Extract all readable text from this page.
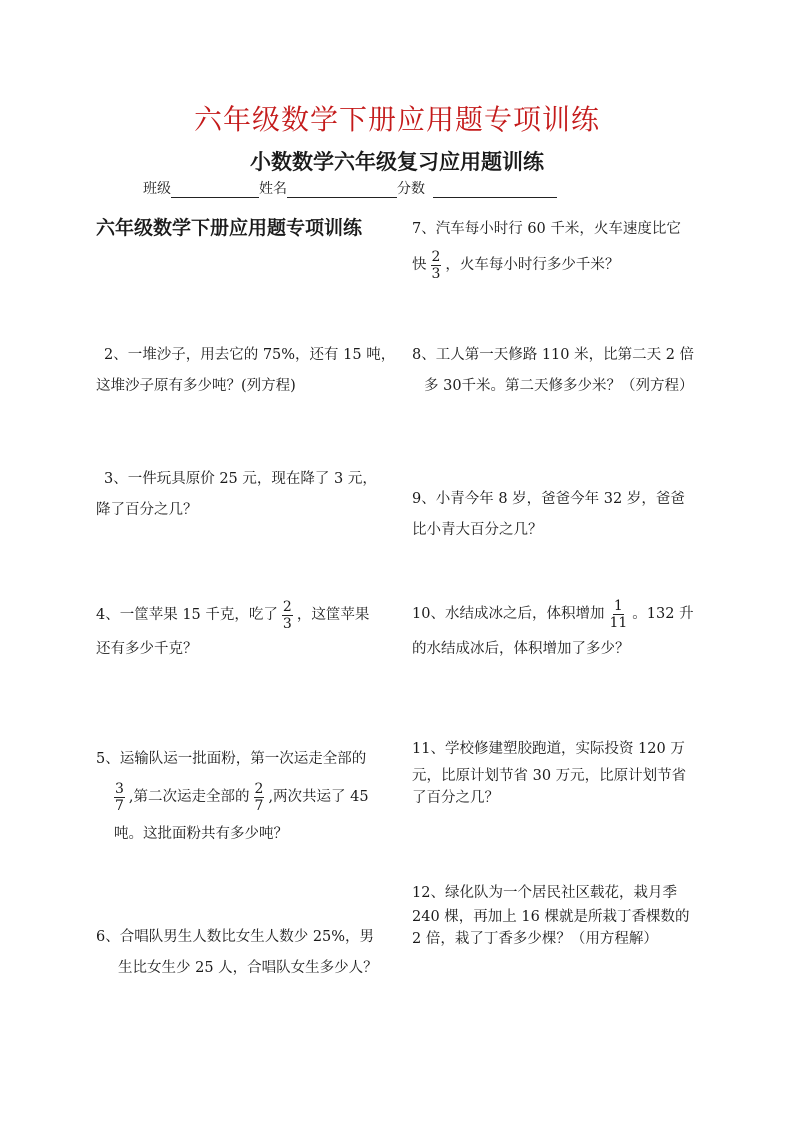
六年级数学下册应用题专项训练
小数数学六年级复习应用题训练
班级	姓名	分数
六年级数学下册应用题专项训练
2、一堆沙子，用去它的 75%，还有 15 吨，
这堆沙子原有多少吨？(列方程)
3、一件玩具原价 25 元，现在降了 3 元，
降了百分之几？
4、一筐苹果 15 千克，吃了 $\frac{2}{3}$ ，这筐苹果
还有多少千克？
5、运输队运一批面粉，第一次运走全部的
$\frac{3}{7}$ ,第二次运走全部的 $\frac{2}{7}$ ,两次共运了 45
吨。这批面粉共有多少吨？
6、合唱队男生人数比女生人数少 25%，男
生比女生少 25 人，合唱队女生多少人？
7、汽车每小时行 60 千米，火车速度比它
快 $\frac{2}{3}$ ，火车每小时行多少千米？
8、工人第一天修路 110 米，比第二天 2 倍
多 30千米。第二天修多少米？（列方程）
9、小青今年 8 岁，爸爸今年 32 岁，爸爸
比小青大百分之几？
10、水结成冰之后，体积增加 $\frac{1}{11}$ 。132 升
的水结成冰后，体积增加了多少？
11、学校修建塑胶跑道，实际投资 120 万
元，比原计划节省 30 万元，比原计划节省
了百分之几？
12、绿化队为一个居民社区载花，栽月季
240 棵，再加上 16 棵就是所栽丁香棵数的
2 倍，栽了丁香多少棵？（用方程解）
